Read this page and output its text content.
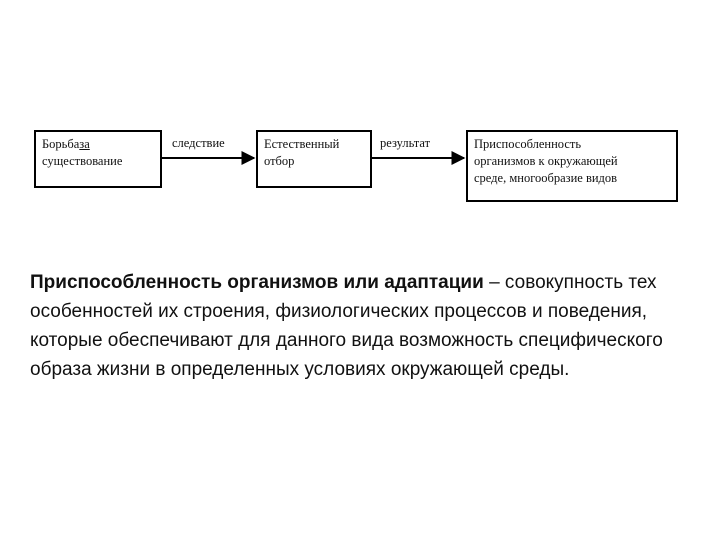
Борьбаза
существование
Естественный
отбор
Приспособленность
организмов к окружающей
среде, многообразие видов
следствие	результат
Приспособленность организмов или адаптации – совокупность тех особенностей их строения, физиологических процессов и поведения, которые обеспечивают для данного вида возможность специфического образа жизни в определенных условиях окружающей среды.
